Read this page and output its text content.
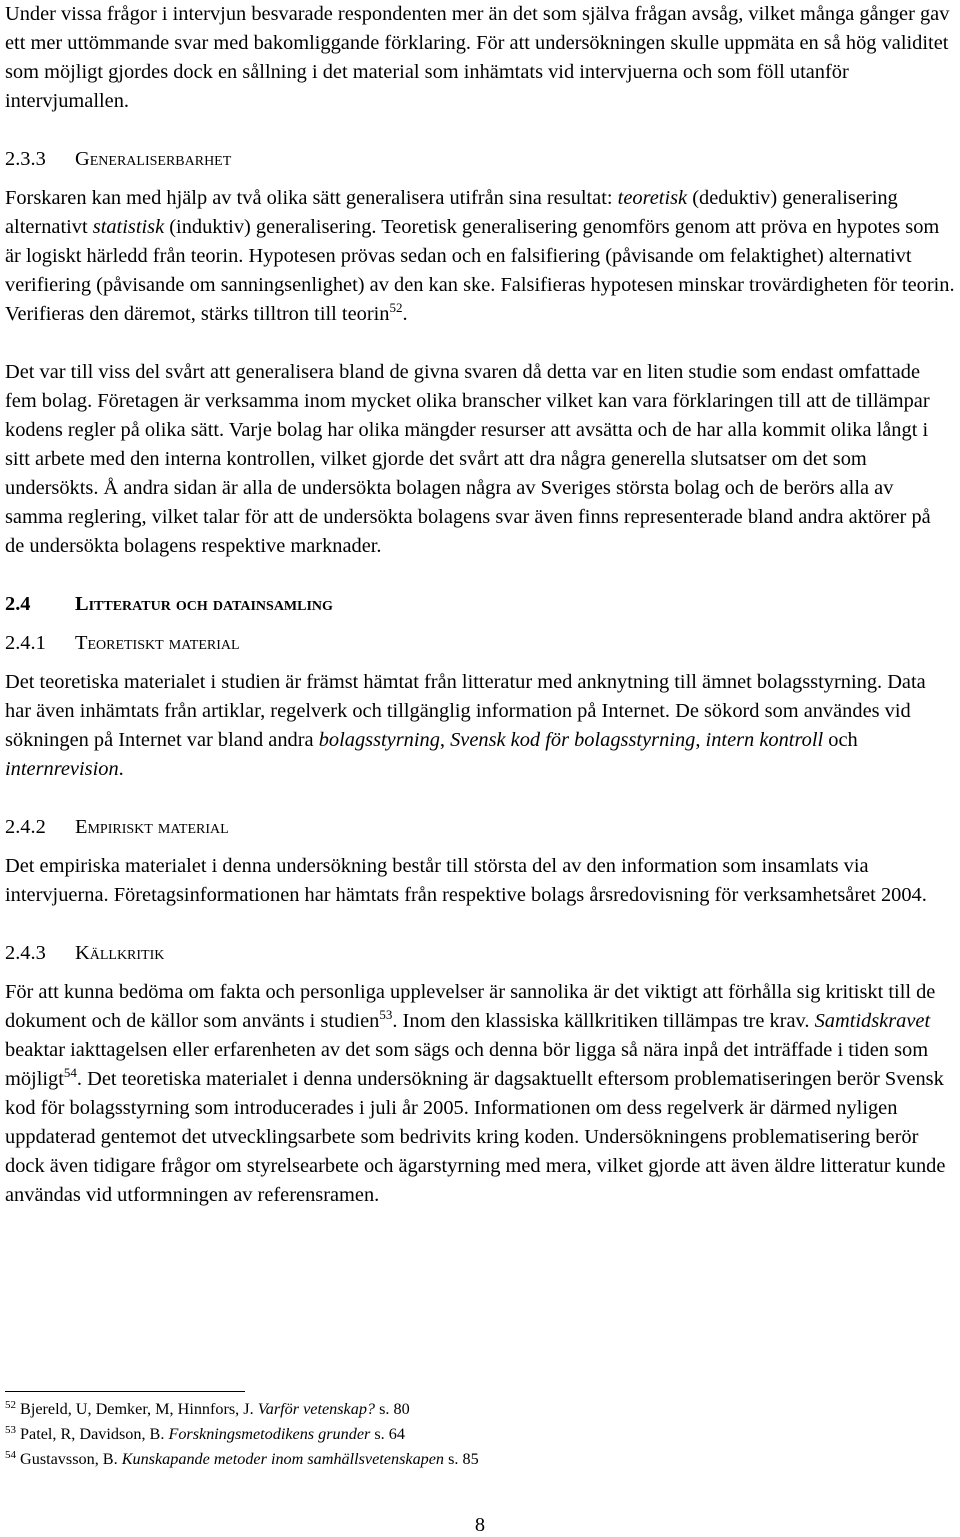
Under vissa frågor i intervjun besvarade respondenten mer än det som själva frågan avsåg, vilket många gånger gav ett mer uttömmande svar med bakomliggande förklaring. För att undersökningen skulle uppmäta en så hög validitet som möjligt gjordes dock en sållning i det material som inhämtats vid intervjuerna och som föll utanför intervjumallen.

2.3.3 Generaliserbarhet

Forskaren kan med hjälp av två olika sätt generalisera utifrån sina resultat: teoretisk (deduktiv) generalisering alternativt statistisk (induktiv) generalisering. Teoretisk generalisering genomförs genom att pröva en hypotes som är logiskt härledd från teorin. Hypotesen prövas sedan och en falsifiering (påvisande om felaktighet) alternativt verifiering (påvisande om sanningsenlighet) av den kan ske. Falsifieras hypotesen minskar trovärdigheten för teorin. Verifieras den däremot, stärks tilltron till teorin$^{52}$.

Det var till viss del svårt att generalisera bland de givna svaren då detta var en liten studie som endast omfattade fem bolag. Företagen är verksamma inom mycket olika branscher vilket kan vara förklaringen till att de tillämpar kodens regler på olika sätt. Varje bolag har olika mängder resurser att avsätta och de har alla kommit olika långt i sitt arbete med den interna kontrollen, vilket gjorde det svårt att dra några generella slutsatser om det som undersökts. Å andra sidan är alla de undersökta bolagen några av Sveriges största bolag och de berörs alla av samma reglering, vilket talar för att de undersökta bolagens svar även finns representerade bland andra aktörer på de undersökta bolagens respektive marknader.

2.4 Litteratur och datainsamling
2.4.1 Teoretiskt material

Det teoretiska materialet i studien är främst hämtat från litteratur med anknytning till ämnet bolagsstyrning. Data har även inhämtats från artiklar, regelverk och tillgänglig information på Internet. De sökord som användes vid sökningen på Internet var bland andra bolagsstyrning, Svensk kod för bolagsstyrning, intern kontroll och internrevision.

2.4.2 Empiriskt material

Det empiriska materialet i denna undersökning består till största del av den information som insamlats via intervjuerna. Företagsinformationen har hämtats från respektive bolags årsredovisning för verksamhetsåret 2004.

2.4.3 Källkritik

För att kunna bedöma om fakta och personliga upplevelser är sannolika är det viktigt att förhålla sig kritiskt till de dokument och de källor som använts i studien$^{53}$. Inom den klassiska källkritiken tillämpas tre krav. Samtidskravet beaktar iakttagelsen eller erfarenheten av det som sägs och denna bör ligga så nära inpå det inträffade i tiden som möjligt$^{54}$. Det teoretiska materialet i denna undersökning är dagsaktuellt eftersom problematiseringen berör Svensk kod för bolagsstyrning som introducerades i juli år 2005. Informationen om dess regelverk är därmed nyligen uppdaterad gentemot det utvecklingsarbete som bedrivits kring koden. Undersökningens problematisering berör dock även tidigare frågor om styrelsearbete och ägarstyrning med mera, vilket gjorde att även äldre litteratur kunde användas vid utformningen av referensramen.

$^{52}$ Bjereld, U, Demker, M, Hinnfors, J. Varför vetenskap? s. 80
$^{53}$ Patel, R, Davidson, B. Forskningsmetodikens grunder s. 64
$^{54}$ Gustavsson, B. Kunskapande metoder inom samhällsvetenskapen s. 85
8
